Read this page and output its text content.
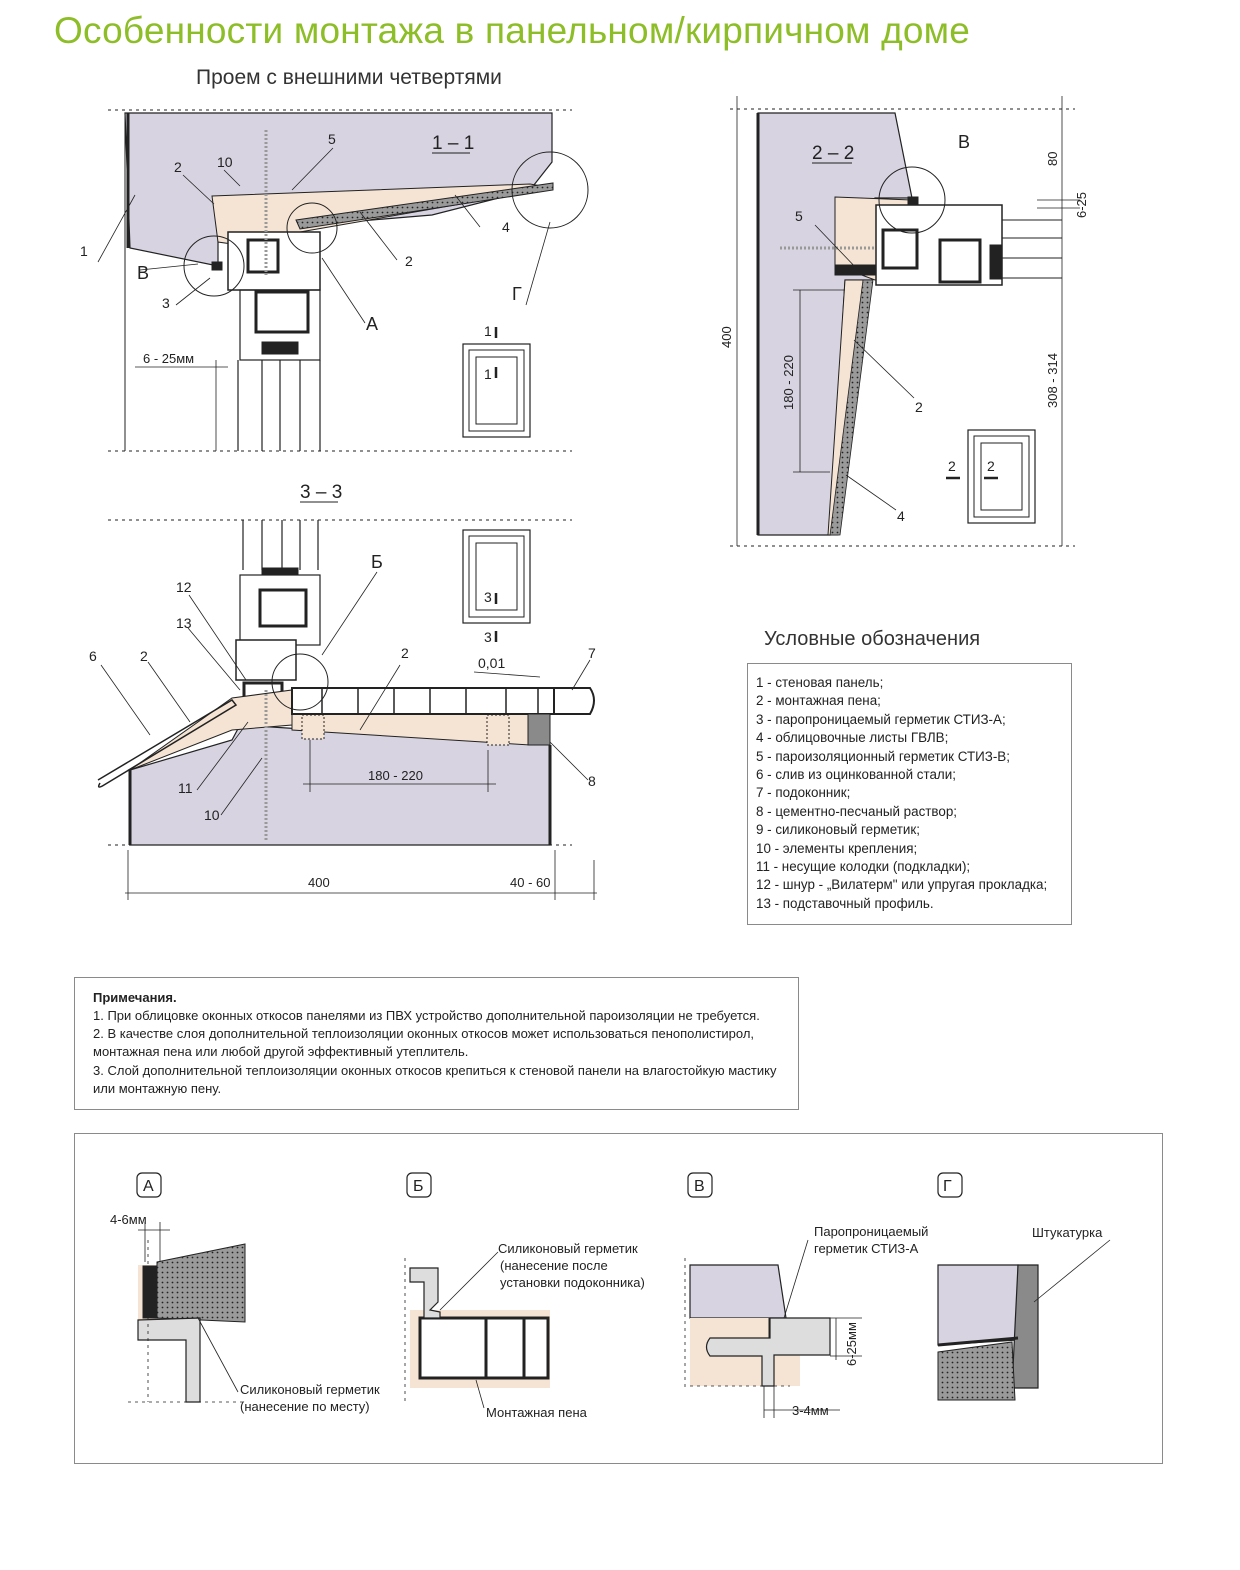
Особенности монтажа в панельном/кирпичном доме
Проем с внешними четвертями
1 – 1
1
2	10
5
4
2
3
В
А
Г
6 - 25мм
1
1
2 – 2
В
5
2
4
400
80
6-25
180 - 220	308 - 314
2 2
3 – 3
12
13
6	2	2	7
8
11
10
Б
0,01
180 - 220
400	40 - 60
3
3
А
4-6мм
Силиконовый герметик
(нанесение по месту)
Б
Силиконовый герметик
(нанесение после
установки подоконника)
Монтажная пена
В
Паропроницаемый
герметик СТИЗ-А
6-25мм
3-4мм
Г
Штукатурка
Условные обозначения
1 - стеновая панель;
2 - монтажная пена;
3 - паропроницаемый герметик СТИЗ-А;
4 - облицовочные листы ГВЛВ;
5 - пароизоляционный герметик СТИЗ-В;
6 - слив из оцинкованной стали;
7 - подоконник;
8 - цементно-песчаный раствор;
9 - силиконовый герметик;
10 - элементы крепления;
11 - несущие колодки (подкладки);
12 - шнур - „Вилатерм" или упругая прокладка;
13 - подставочный профиль.
Примечания.
1. При облицовке оконных откосов панелями из ПВХ устройство дополнительной пароизоляции не требуется.
2. В качестве слоя дополнительной теплоизоляции оконных откосов может использоваться пенополистирол,
монтажная пена или любой другой эффективный утеплитель.
3. Слой дополнительной теплоизоляции оконных откосов крепиться к стеновой панели на влагостойкую мастику
или монтажную пену.
